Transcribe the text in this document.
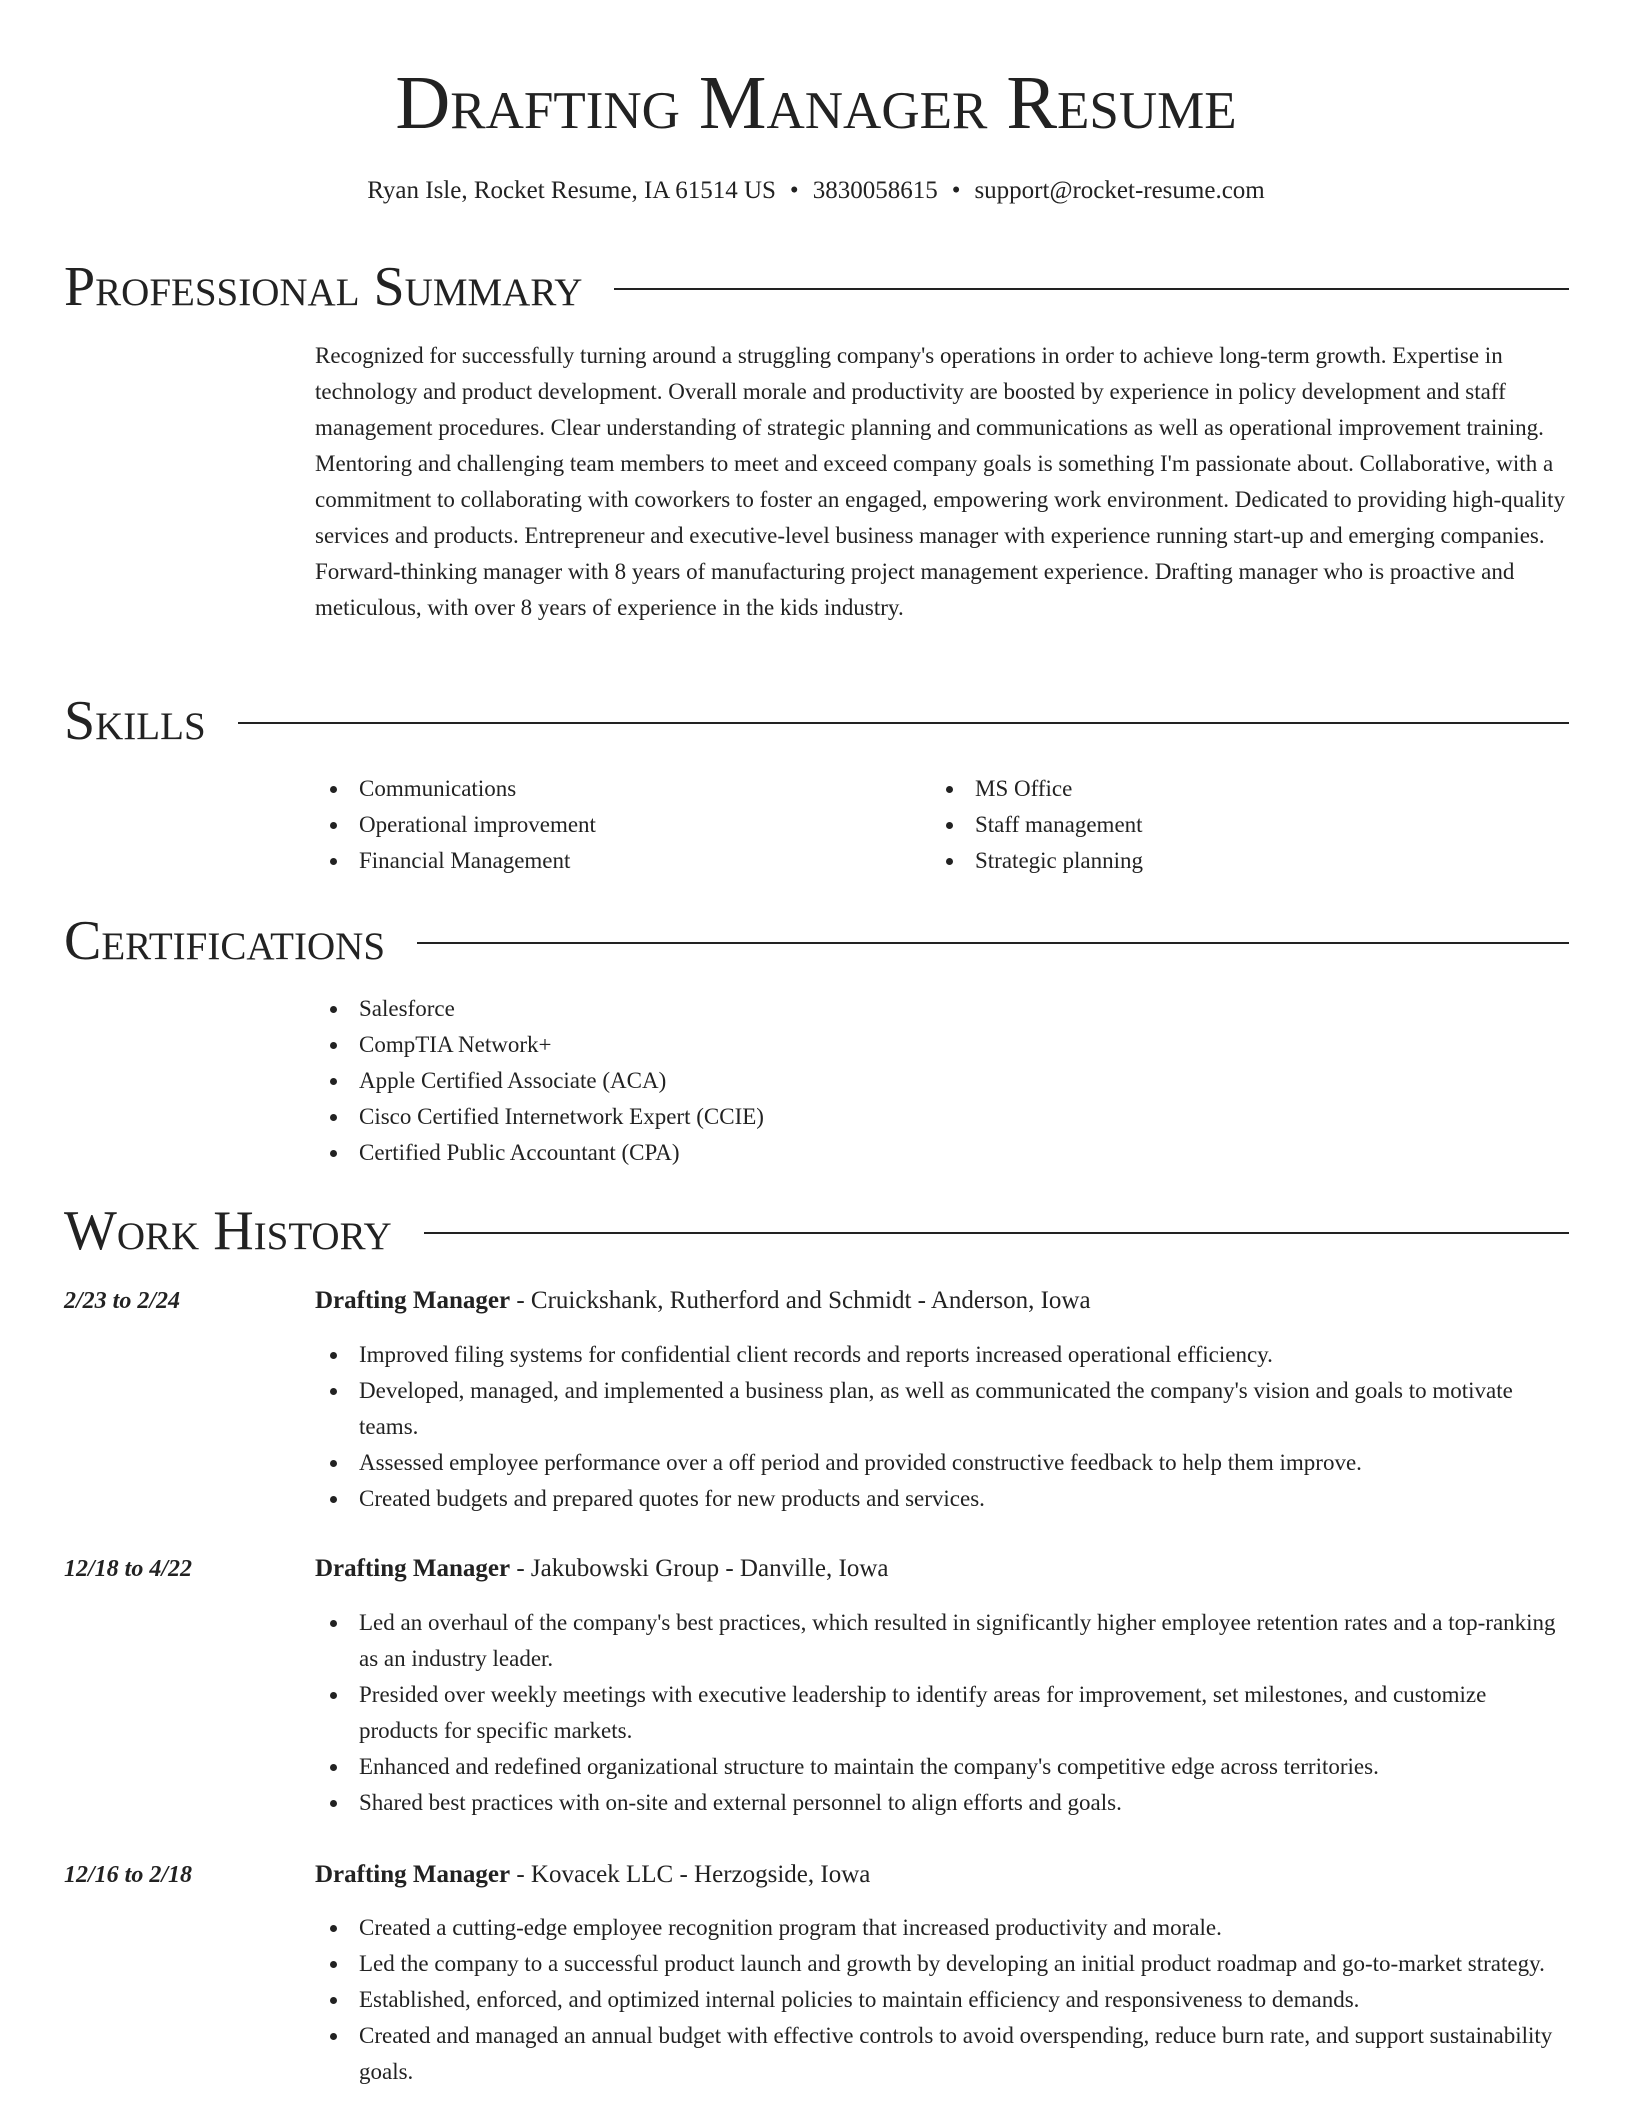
Drafting Manager Resume
Ryan Isle, Rocket Resume, IA 61514 US • 3830058615 • support@rocket-resume.com
Professional Summary

Recognized for successfully turning around a struggling company's operations in order to achieve long-term growth. Expertise in technology and product development. Overall morale and productivity are boosted by experience in policy development and staff management procedures. Clear understanding of strategic planning and communications as well as operational improvement training. Mentoring and challenging team members to meet and exceed company goals is something I'm passionate about. Collaborative, with a commitment to collaborating with coworkers to foster an engaged, empowering work environment. Dedicated to providing high-quality services and products. Entrepreneur and executive-level business manager with experience running start-up and emerging companies. Forward-thinking manager with 8 years of manufacturing project management experience. Drafting manager who is proactive and meticulous, with over 8 years of experience in the kids industry.

Skills
Communications
Operational improvement
Financial Management
MS Office
Staff management
Strategic planning
Certifications
Salesforce
CompTIA Network+
Apple Certified Associate (ACA)
Cisco Certified Internetwork Expert (CCIE)
Certified Public Accountant (CPA)
Work History
2/23 to 2/24	Drafting Manager - Cruickshank, Rutherford and Schmidt - Anderson, Iowa
Improved filing systems for confidential client records and reports increased operational efficiency.
Developed, managed, and implemented a business plan, as well as communicated the company's vision and goals to motivate teams.
Assessed employee performance over a off period and provided constructive feedback to help them improve.
Created budgets and prepared quotes for new products and services.
12/18 to 4/22	Drafting Manager - Jakubowski Group - Danville, Iowa
Led an overhaul of the company's best practices, which resulted in significantly higher employee retention rates and a top-ranking as an industry leader.
Presided over weekly meetings with executive leadership to identify areas for improvement, set milestones, and customize products for specific markets.
Enhanced and redefined organizational structure to maintain the company's competitive edge across territories.
Shared best practices with on-site and external personnel to align efforts and goals.
12/16 to 2/18	Drafting Manager - Kovacek LLC - Herzogside, Iowa
Created a cutting-edge employee recognition program that increased productivity and morale.
Led the company to a successful product launch and growth by developing an initial product roadmap and go-to-market strategy.
Established, enforced, and optimized internal policies to maintain efficiency and responsiveness to demands.
Created and managed an annual budget with effective controls to avoid overspending, reduce burn rate, and support sustainability goals.
